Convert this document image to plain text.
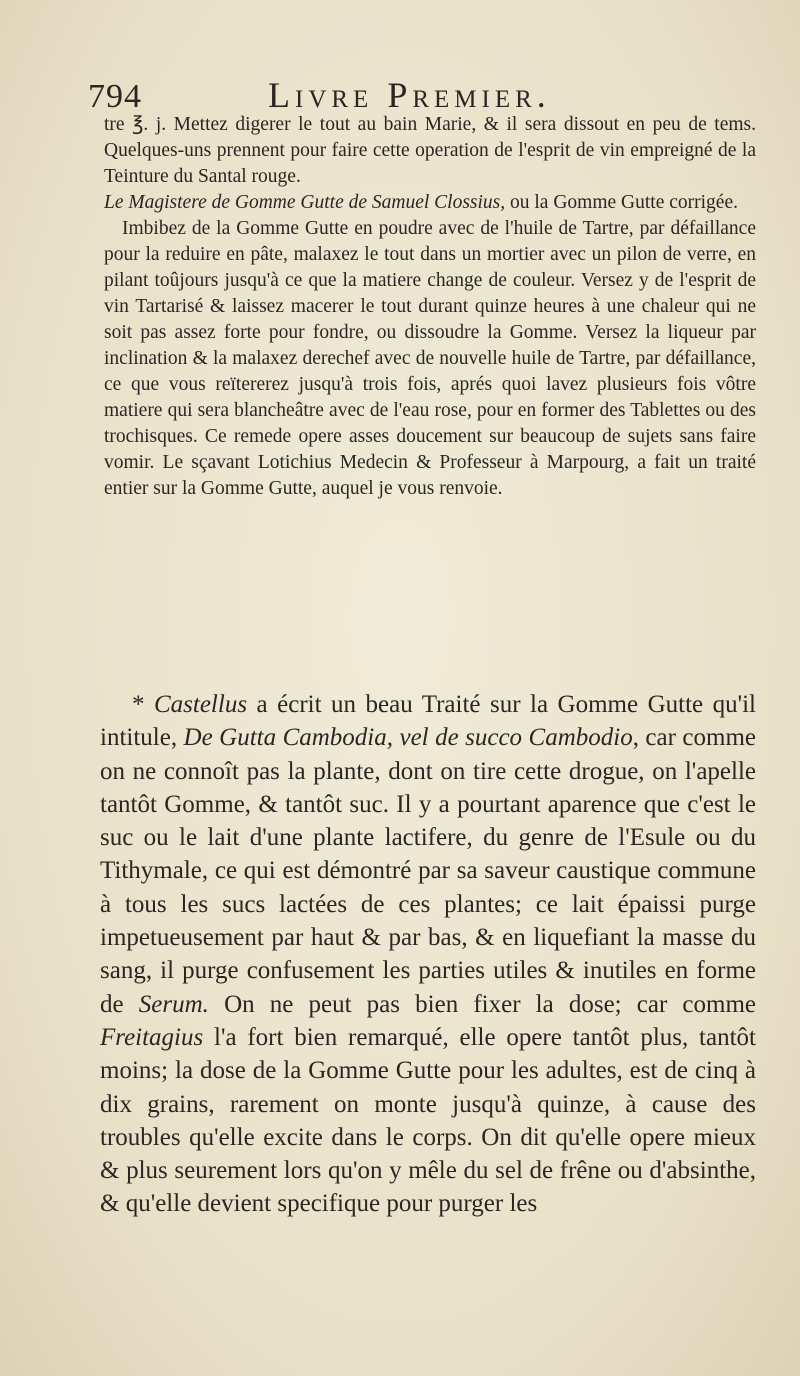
794	Livre Premier.

tre ℥. j. Mettez digerer le tout au bain Marie, & il sera dissout en peu de tems. Quelques-uns prennent pour faire cette operation de l'esprit de vin empreigné de la Teinture du Santal rouge.

Le Magistere de Gomme Gutte de Samuel Clossius, ou la Gomme Gutte corrigée.

Imbibez de la Gomme Gutte en poudre avec de l'huile de Tartre, par défaillance pour la reduire en pâte, malaxez le tout dans un mortier avec un pilon de verre, en pilant toûjours jusqu'à ce que la matiere change de couleur. Versez y de l'esprit de vin Tartarisé & laissez macerer le tout durant quinze heures à une chaleur qui ne soit pas assez forte pour fondre, ou dissoudre la Gomme. Versez la liqueur par inclination & la malaxez derechef avec de nouvelle huile de Tartre, par défaillance, ce que vous reïtererez jusqu'à trois fois, aprés quoi lavez plusieurs fois vôtre matiere qui sera blancheâtre avec de l'eau rose, pour en former des Tablettes ou des trochisques. Ce remede opere asses doucement sur beaucoup de sujets sans faire vomir. Le sçavant Lotichius Medecin & Professeur à Marpourg, a fait un traité entier sur la Gomme Gutte, auquel je vous renvoie.

* Castellus a écrit un beau Traité sur la Gomme Gutte qu'il intitule, De Gutta Cambodia, vel de succo Cambodio, car comme on ne connoît pas la plante, dont on tire cette drogue, on l'apelle tantôt Gomme, & tantôt suc. Il y a pourtant aparence que c'est le suc ou le lait d'une plante lactifere, du genre de l'Esule ou du Tithymale, ce qui est démontré par sa saveur caustique commune à tous les sucs lactées de ces plantes; ce lait épaissi purge impetueusement par haut & par bas, & en liquefiant la masse du sang, il purge confusement les parties utiles & inutiles en forme de Serum. On ne peut pas bien fixer la dose; car comme Freitagius l'a fort bien remarqué, elle opere tantôt plus, tantôt moins; la dose de la Gomme Gutte pour les adultes, est de cinq à dix grains, rarement on monte jusqu'à quinze, à cause des troubles qu'elle excite dans le corps. On dit qu'elle opere mieux & plus seurement lors qu'on y mêle du sel de frêne ou d'absinthe, & qu'elle devient specifique pour purger les
